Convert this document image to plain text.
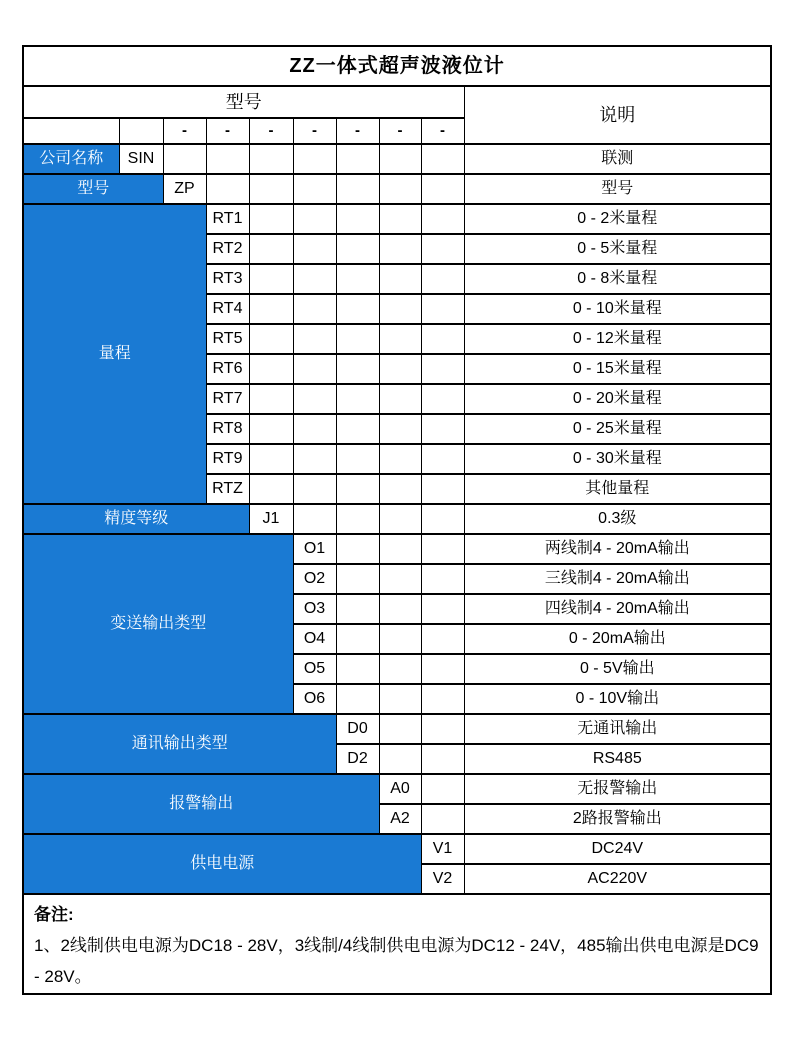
ZZ一体式超声波液位计									
型号									说明
		-	-	-	-	-	-	-	
公司名称	SIN								联测
型号		ZP							型号
量程			RT1						0 - 2米量程
			RT2						0 - 5米量程
			RT3						0 - 8米量程
			RT4						0 - 10米量程
			RT5						0 - 12米量程
			RT6						0 - 15米量程
			RT7						0 - 20米量程
			RT8						0 - 25米量程
			RT9						0 - 30米量程
			RTZ						其他量程
精度等级				J1					0.3级
变送输出类型					O1				两线制4 - 20mA输出
					O2				三线制4 - 20mA输出
					O3				四线制4 - 20mA输出
					O4				0 - 20mA输出
					O5				0 - 5V输出
					O6				0 - 10V输出
通讯输出类型						D0			无通讯输出
						D2			RS485
报警输出							A0		无报警输出
							A2		2路报警输出
供电电源								V1	DC24V
								V2	AC220V

备注:
1、2线制供电电源为DC18 - 28V，3线制/4线制供电电源为DC12 - 24V，485输出供电电源是DC9 - 28V。									
